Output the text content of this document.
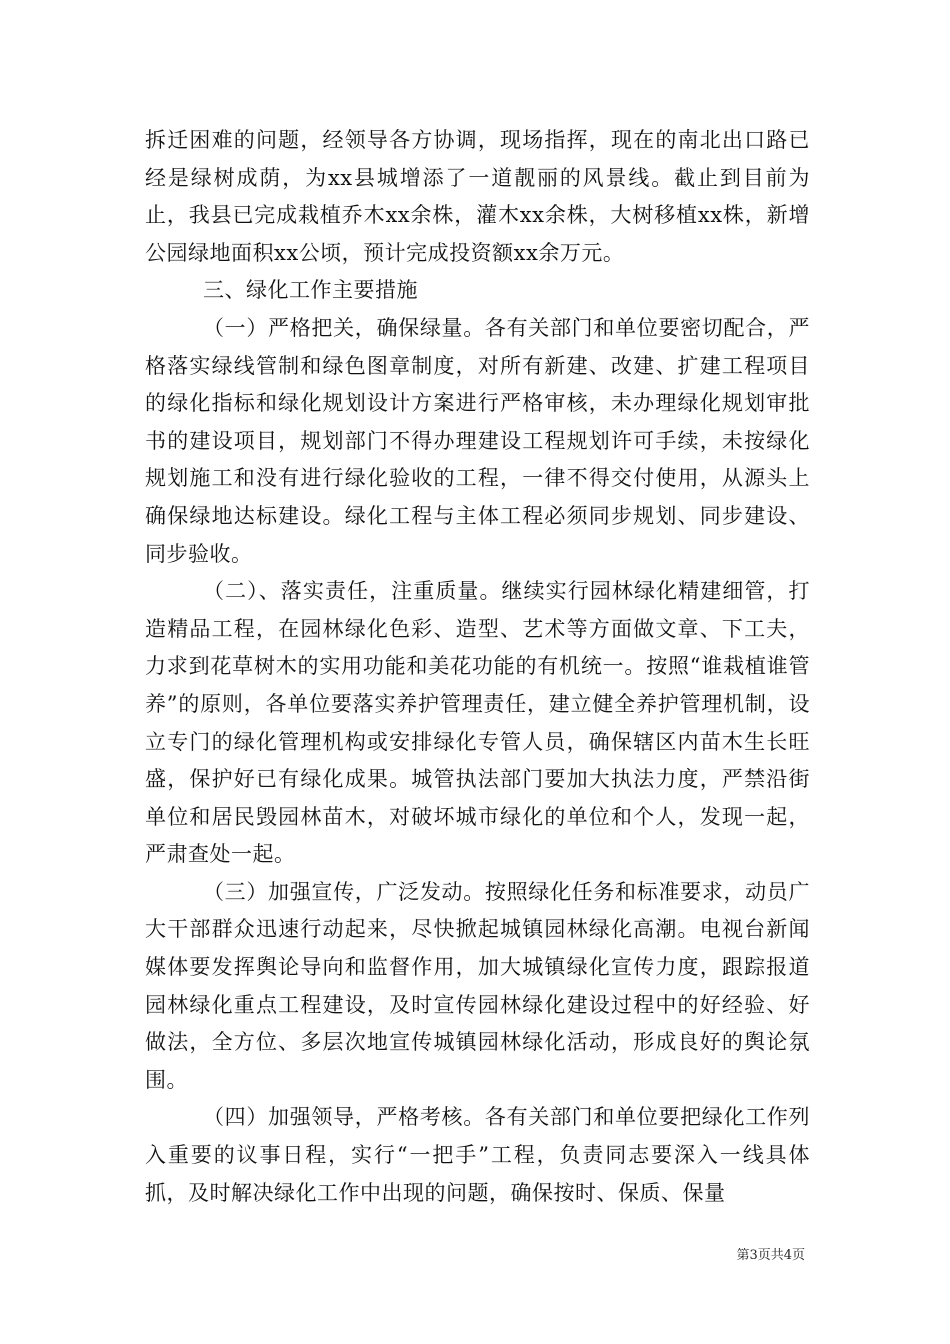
拆迁困难的问题，经领导各方协调，现场指挥，现在的南北出口路已经是绿树成荫，为xx县城增添了一道靓丽的风景线。截止到目前为止，我县已完成栽植乔木xx余株，灌木xx余株，大树移植xx株，新增公园绿地面积xx公顷，预计完成投资额xx余万元。

三、绿化工作主要措施

（一）严格把关，确保绿量。各有关部门和单位要密切配合，严格落实绿线管制和绿色图章制度，对所有新建、改建、扩建工程项目的绿化指标和绿化规划设计方案进行严格审核，未办理绿化规划审批书的建设项目，规划部门不得办理建设工程规划许可手续，未按绿化规划施工和没有进行绿化验收的工程，一律不得交付使用，从源头上确保绿地达标建设。绿化工程与主体工程必须同步规划、同步建设、同步验收。

（二）、落实责任，注重质量。继续实行园林绿化精建细管，打造精品工程，在园林绿化色彩、造型、艺术等方面做文章、下工夫，力求到花草树木的实用功能和美花功能的有机统一。按照“谁栽植谁管养”的原则，各单位要落实养护管理责任，建立健全养护管理机制，设立专门的绿化管理机构或安排绿化专管人员，确保辖区内苗木生长旺盛，保护好已有绿化成果。城管执法部门要加大执法力度，严禁沿街单位和居民毁园林苗木，对破坏城市绿化的单位和个人，发现一起，严肃查处一起。

（三）加强宣传，广泛发动。按照绿化任务和标准要求，动员广大干部群众迅速行动起来，尽快掀起城镇园林绿化高潮。电视台新闻媒体要发挥舆论导向和监督作用，加大城镇绿化宣传力度，跟踪报道园林绿化重点工程建设，及时宣传园林绿化建设过程中的好经验、好做法，全方位、多层次地宣传城镇园林绿化活动，形成良好的舆论氛围。

（四）加强领导，严格考核。各有关部门和单位要把绿化工作列入重要的议事日程，实行“一把手”工程，负责同志要深入一线具体抓，及时解决绿化工作中出现的问题，确保按时、保质、保量

第3页共4页
